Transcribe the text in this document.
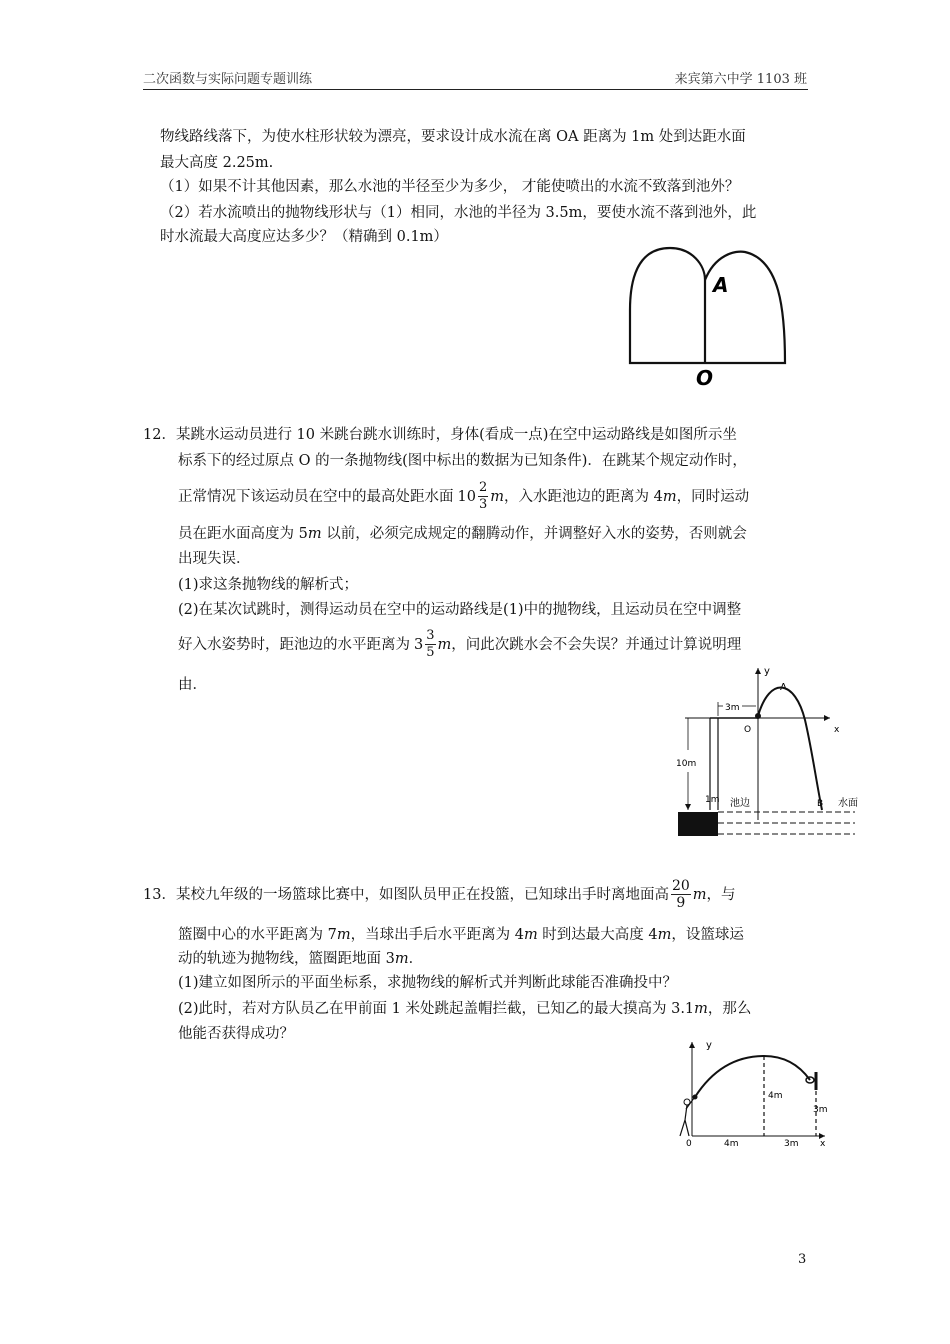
二次函数与实际问题专题训练	来宾第六中学 1103 班
物线路线落下，为使水柱形状较为漂亮，要求设计成水流在离 OA 距离为 1m 处到达距水面
最大高度 2.25m.
（1）如果不计其他因素，那么水池的半径至少为多少， 才能使喷出的水流不致落到池外？
（2）若水流喷出的抛物线形状与（1）相同，水池的半径为 3.5m，要使水流不落到池外，此
时水流最大高度应达多少？（精确到 0.1m）
A
O
12．某跳水运动员进行 10 米跳台跳水训练时，身体(看成一点)在空中运动路线是如图所示坐
标系下的经过原点 O 的一条抛物线(图中标出的数据为已知条件)．在跳某个规定动作时，
正常情况下该运动员在空中的最高处距水面 $10 \frac{2}{3}$ m ，入水距池边的距离为 4 m ，同时运动
员在距水面高度为 5m 以前，必须完成规定的翻腾动作，并调整好入水的姿势，否则就会
出现失误．
(1)求这条抛物线的解析式；
(2)在某次试跳时，测得运动员在空中的运动路线是(1)中的抛物线，且运动员在空中调整
好入水姿势时，距池边的水平距离为 $3 \frac{3}{5}$ m ，问此次跳水会不会失误？并通过计算说明理
由．
y
x
O
A
3m
10m
1m 池边	B 水面
13．某校九年级的一场篮球比赛中，如图队员甲正在投篮，已知球出手时离地面高 $\frac{20}{9}$ m ，与
篮圈中心的水平距离为 7m，当球出手后水平距离为 4m 时到达最大高度 4m，设篮球运
动的轨迹为抛物线，篮圈距地面 3m．
(1)建立如图所示的平面坐标系，求抛物线的解析式并判断此球能否准确投中？
(2)此时，若对方队员乙在甲前面 1 米处跳起盖帽拦截，已知乙的最大摸高为 3.1m，那么
他能否获得成功？
y
x
0	4m	3m
4m
3m
3
